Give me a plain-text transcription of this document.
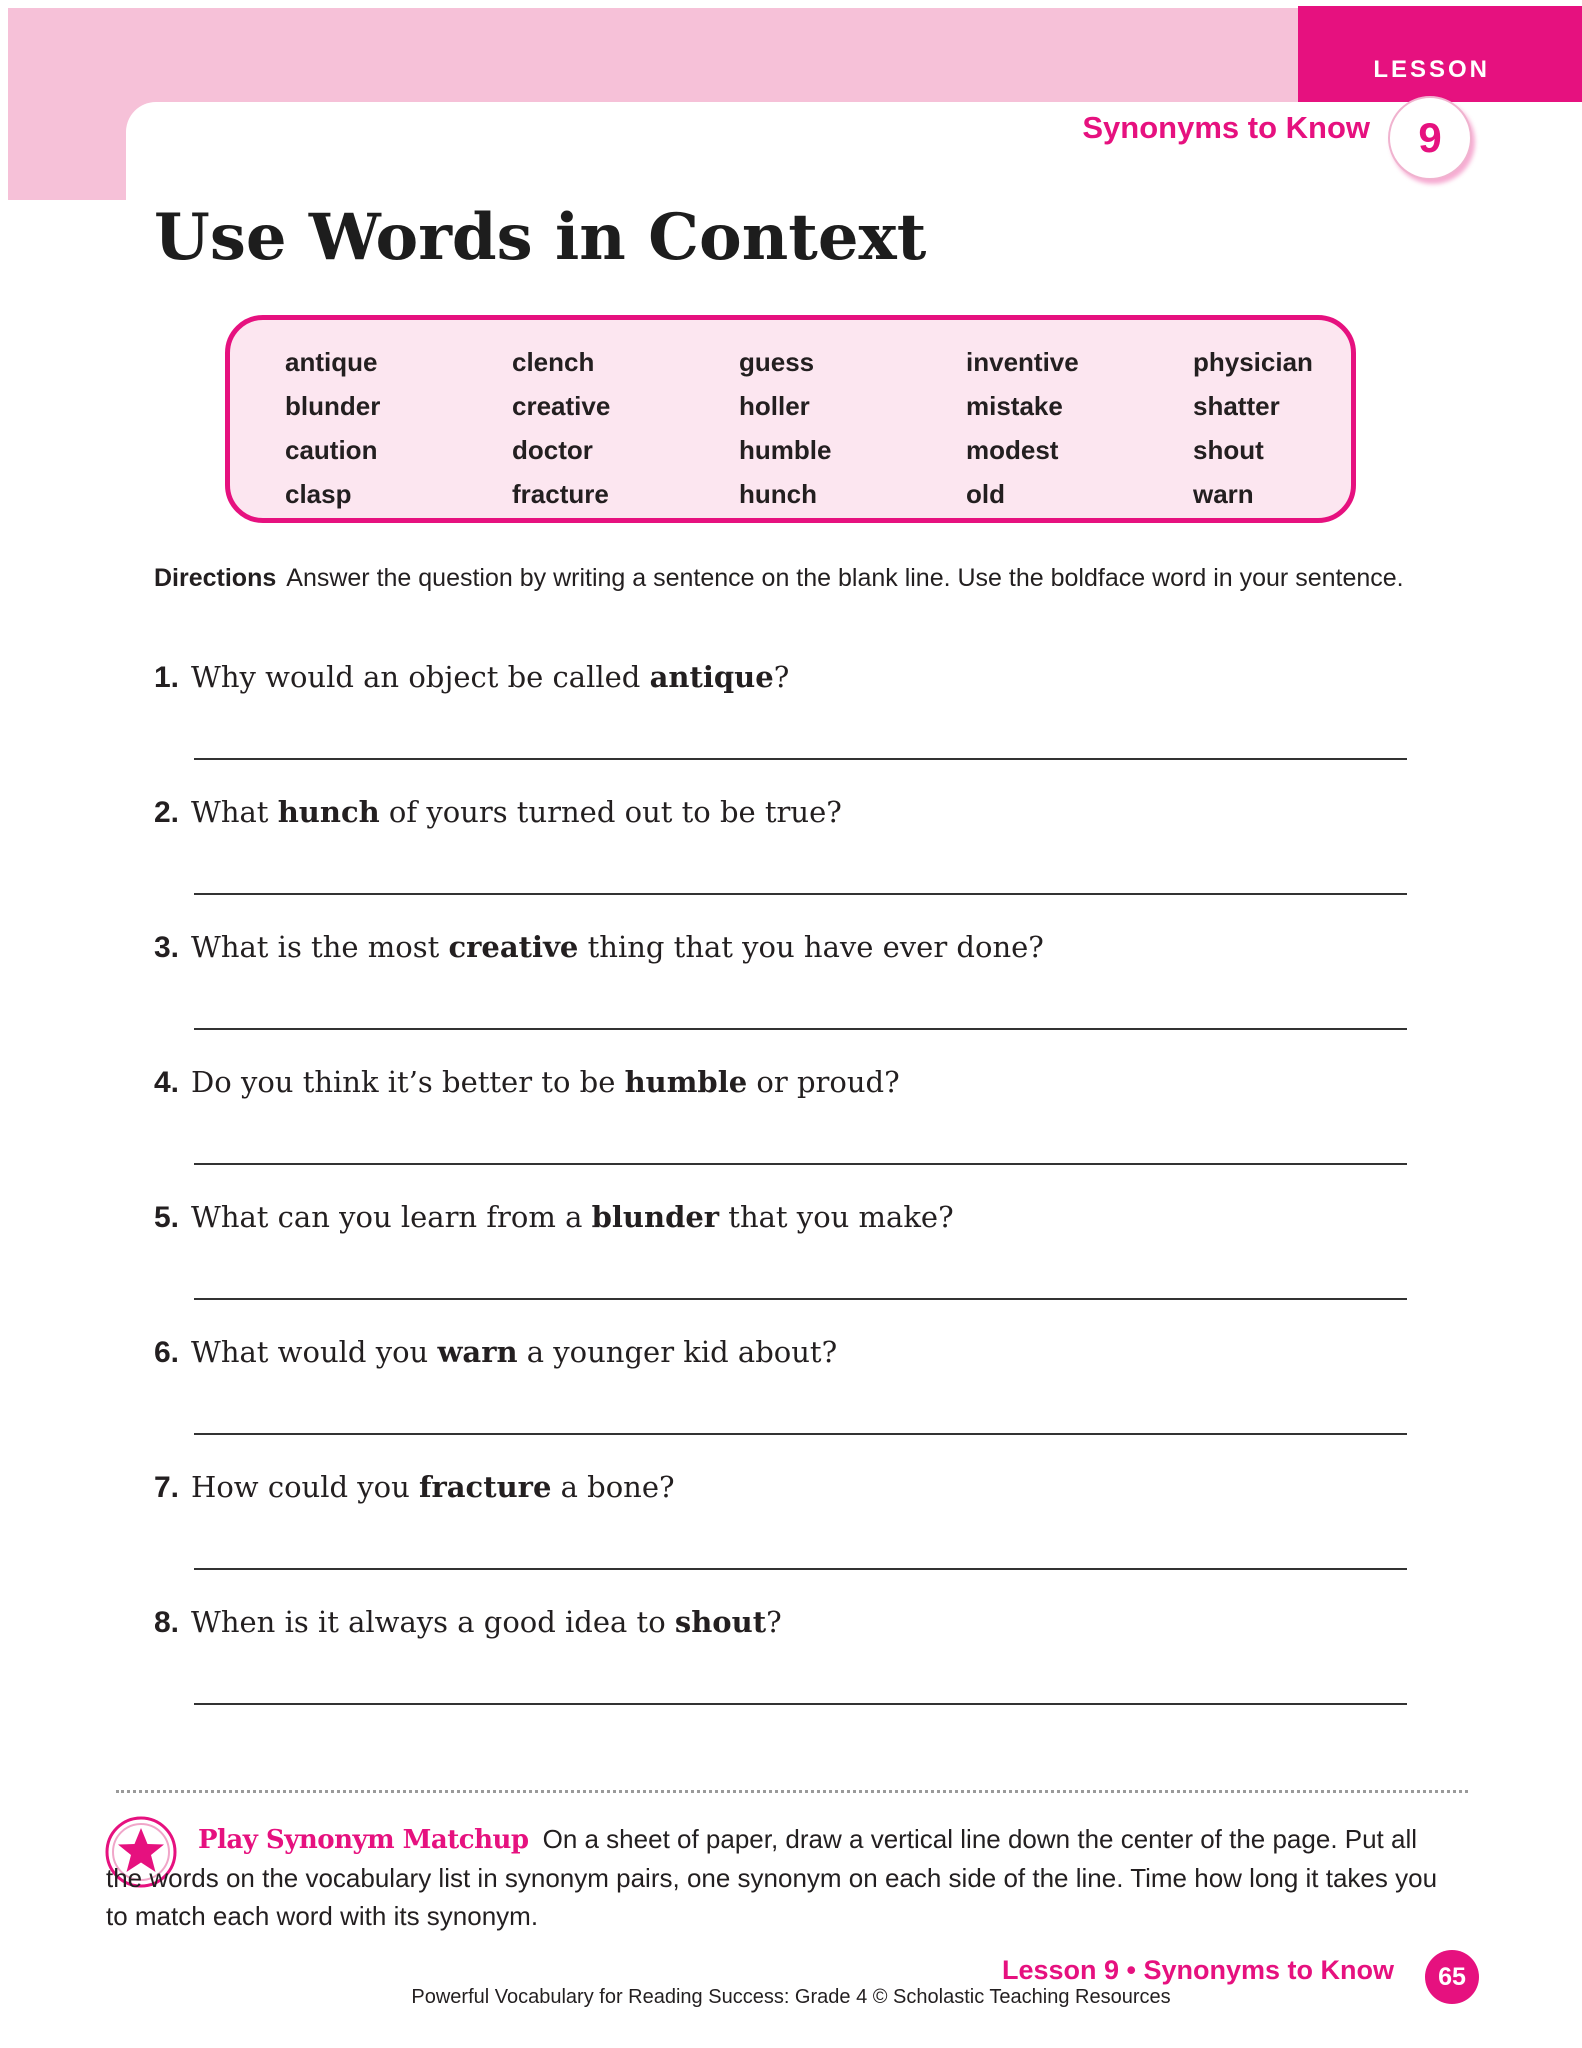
LESSON
Synonyms to Know	9
Use Words in Context
antique
blunder
caution
clasp
clench
creative
doctor
fracture
guess
holler
humble
hunch
inventive
mistake
modest
old
physician
shatter
shout
warn
Directions Answer the question by writing a sentence on the blank line. Use the boldface word in your sentence.
1. Why would an object be called antique?
2. What hunch of yours turned out to be true?
3. What is the most creative thing that you have ever done?
4. Do you think it’s better to be humble or proud?
5. What can you learn from a blunder that you make?
6. What would you warn a younger kid about?
7. How could you fracture a bone?
8. When is it always a good idea to shout?
Play Synonym Matchup On a sheet of paper, draw a vertical line down the center of the page. Put all the words on the vocabulary list in synonym pairs, one synonym on each side of the line. Time how long it takes you to match each word with its synonym.
Lesson 9 • Synonyms to Know	65
Powerful Vocabulary for Reading Success: Grade 4 © Scholastic Teaching Resources
